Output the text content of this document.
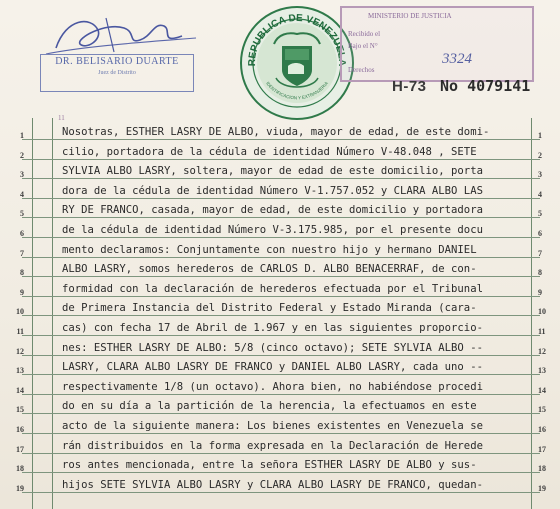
DR. BELISARIO DUARTE
Juez de Distrito
REPUBLICA DE VENEZUELA
IDENTIFICACION Y EXTRANJERIA
MINISTERIO DE JUSTICIA
Recibido el
Bajo el N°
3324
Derechos
H-73 No 4079141
11
1	1
Nosotras, ESTHER LASRY DE ALBO, viuda, mayor de edad, de este domi-
2	2
cilio, portadora de la cédula de identidad Número V-48.048 , SETE
3	3
SYLVIA ALBO LASRY, soltera, mayor de edad de este domicilio, porta
4	4
dora de la cédula de identidad Número V-1.757.052 y CLARA ALBO LAS
5	5
RY DE FRANCO, casada, mayor de edad, de este domicilio y portadora
6	6
de la cédula de identidad Número V-3.175.985, por el presente docu
7	7
mento declaramos: Conjuntamente con nuestro hijo y hermano DANIEL
8	8
ALBO LASRY, somos herederos de CARLOS D. ALBO BENACERRAF, de con-
9	9
formidad con la declaración de herederos efectuada por el Tribunal
10	10
de Primera Instancia del Distrito Federal y Estado Miranda (cara-
11	11
cas) con fecha 17 de Abril de 1.967 y en las siguientes proporcio-
12	12
nes: ESTHER LASRY DE ALBO: 5/8 (cinco octavo); SETE SYLVIA ALBO --
13	13
LASRY, CLARA ALBO LASRY DE FRANCO y DANIEL ALBO LASRY, cada uno --
14	14
respectivamente 1/8 (un octavo). Ahora bien, no habiéndose procedi
15	15
do en su día a la partición de la herencia, la efectuamos en este
16	16
acto de la siguiente manera: Los bienes existentes en Venezuela se
17	17
rán distribuidos en la forma expresada en la Declaración de Herede
18	18
ros antes mencionada, entre la señora ESTHER LASRY DE ALBO y sus-
19	19
hijos SETE SYLVIA ALBO LASRY y CLARA ALBO LASRY DE FRANCO, quedan-
